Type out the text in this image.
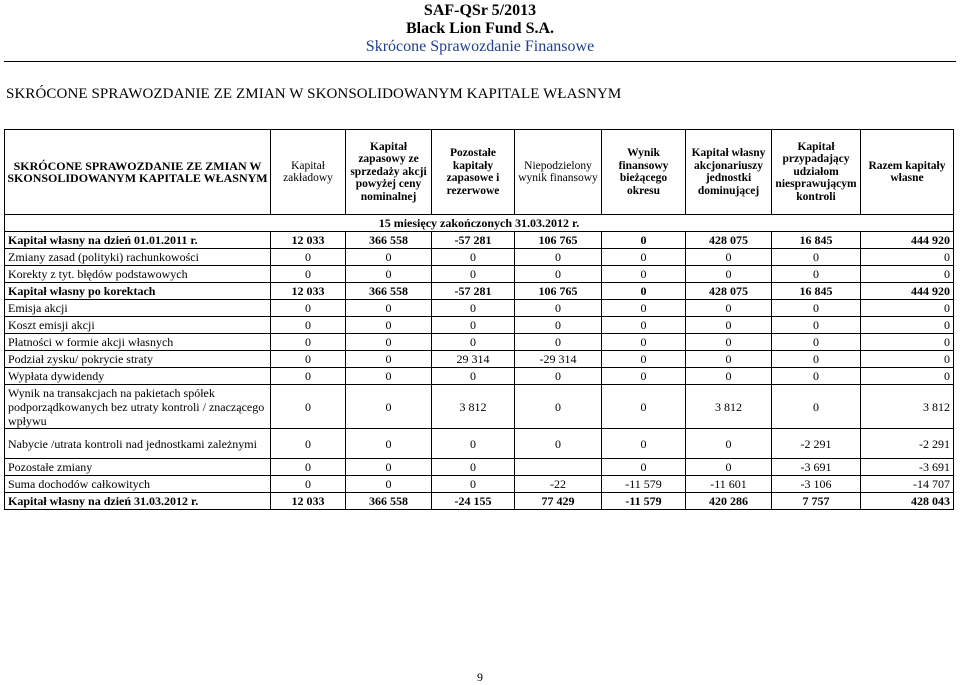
SAF-QSr 5/2013
Black Lion Fund S.A.
Skrócone Sprawozdanie Finansowe
SKRÓCONE SPRAWOZDANIE ZE ZMIAN W SKONSOLIDOWANYM KAPITALE WŁASNYM
SKRÓCONE SPRAWOZDANIE ZE ZMIAN W SKONSOLIDOWANYM KAPITALE WŁASNYM	Kapitał zakładowy	Kapitał zapasowy ze sprzedaży akcji powyżej ceny nominalnej	Pozostałe kapitały zapasowe i rezerwowe	Niepodzielony wynik finansowy	Wynik finansowy bieżącego okresu	Kapitał własny akcjonariuszy jednostki dominującej	Kapitał przypadający udziałom niesprawującym kontroli	Razem kapitały własne
15 miesięcy zakończonych 31.03.2012 r.								
Kapitał własny na dzień 01.01.2011 r.	12 033	366 558	-57 281	106 765	0	428 075	16 845	444 920
Zmiany zasad (polityki) rachunkowości	0	0	0	0	0	0	0	0
Korekty z tyt. błędów podstawowych	0	0	0	0	0	0	0	0
Kapitał własny po korektach	12 033	366 558	-57 281	106 765	0	428 075	16 845	444 920
Emisja akcji	0	0	0	0	0	0	0	0
Koszt emisji akcji	0	0	0	0	0	0	0	0
Płatności w formie akcji własnych	0	0	0	0	0	0	0	0
Podział zysku/ pokrycie straty	0	0	29 314	-29 314	0	0	0	0
Wypłata dywidendy	0	0	0	0	0	0	0	0
Wynik na transakcjach na pakietach spółek podporządkowanych bez utraty kontroli / znaczącego wpływu	0	0	3 812	0	0	3 812	0	3 812
Nabycie /utrata kontroli nad jednostkami zależnymi	0	0	0	0	0	0	-2 291	-2 291
Pozostałe zmiany	0	0	0		0	0	-3 691	-3 691
Suma dochodów całkowitych	0	0	0	-22	-11 579	-11 601	-3 106	-14 707
Kapitał własny na dzień 31.03.2012 r.	12 033	366 558	-24 155	77 429	-11 579	420 286	7 757	428 043
9
